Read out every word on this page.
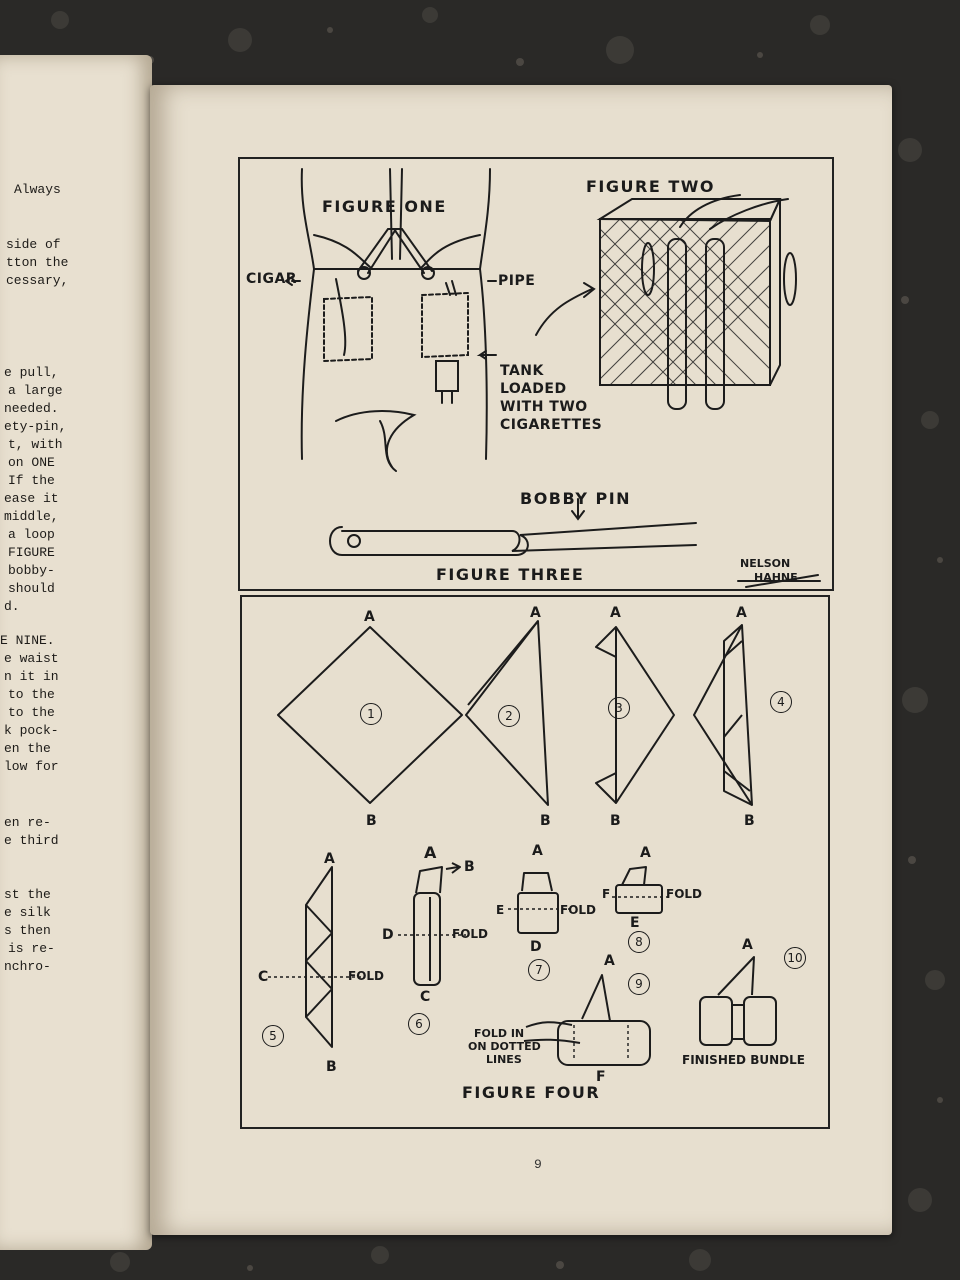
Always
side of
tton the
cessary,
e pull,
a large
needed.
ety-pin,
t, with
on ONE
If the
ease it
middle,
a loop
FIGURE
bobby-
should
d.
E NINE.
e waist
n it in
to the
to the
k pock-
en the
low for
en re-
e third
st the
e silk
s then
is re-
nchro-
FIGURE ONE
FIGURE TWO
CIGAR	PIPE
TANK
LOADED
WITH TWO
CIGARETTES
BOBBY PIN
FIGURE THREE
NELSON
HAHNE
A	A	A	A
B	B	B	B
A
B
C	FOLD
A
B
D	FOLD
C
A
E	FOLD
D
A
F	FOLD
E
A
F
A
FOLD IN
ON DOTTED
LINES	FINISHED BUNDLE
FIGURE FOUR
1	2
3	4
5
6
7
8
9
10
9
